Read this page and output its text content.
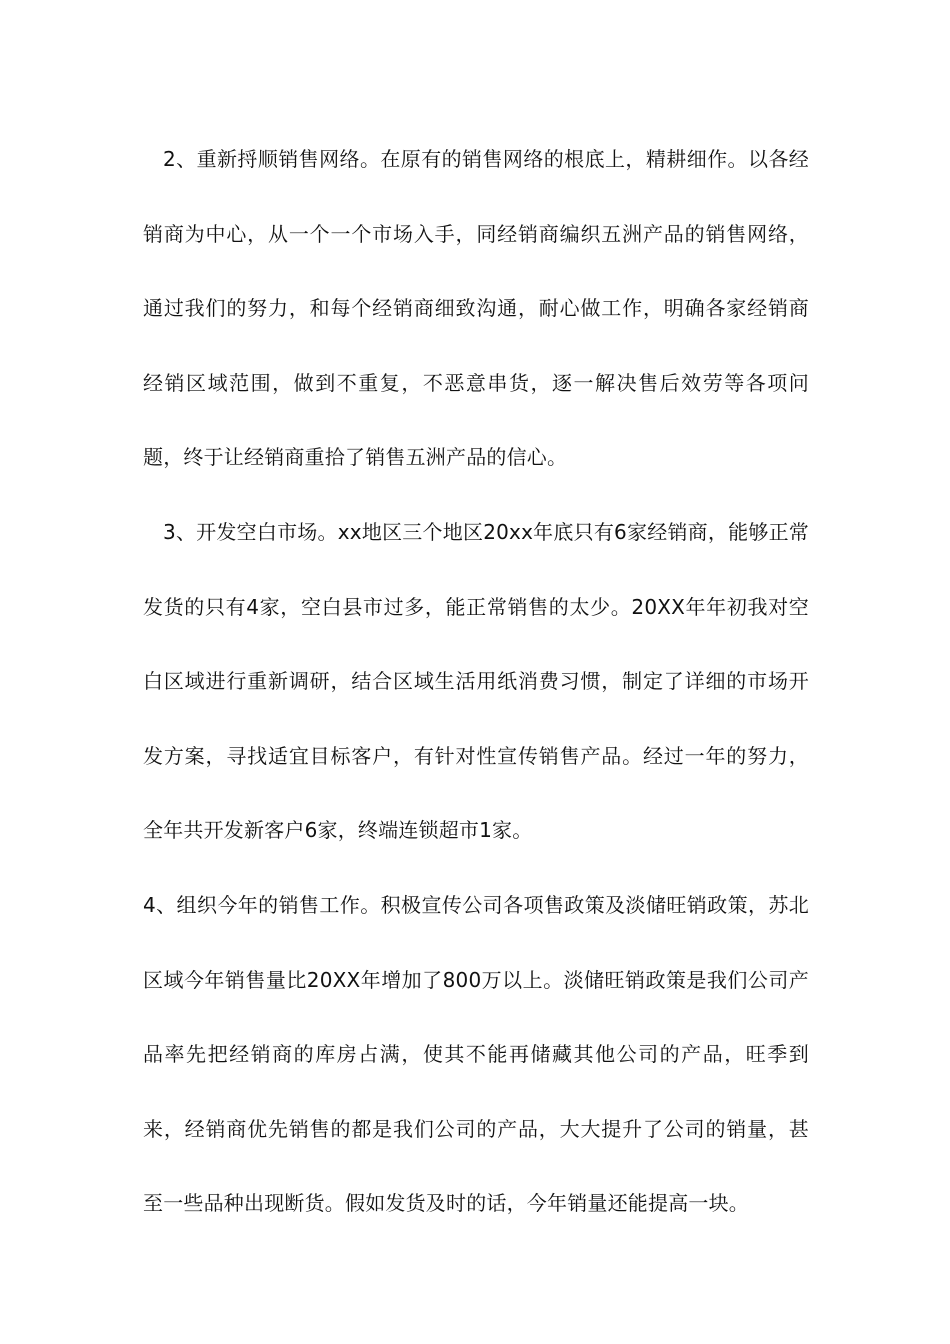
2、重新捋顺销售网络。在原有的销售网络的根底上，精耕细作。以各经销商为中心，从一个一个市场入手，同经销商编织五洲产品的销售网络，通过我们的努力，和每个经销商细致沟通，耐心做工作，明确各家经销商经销区域范围，做到不重复，不恶意串货，逐一解决售后效劳等各项问题，终于让经销商重拾了销售五洲产品的信心。

3、开发空白市场。xx地区三个地区20xx年底只有6家经销商，能够正常发货的只有4家，空白县市过多，能正常销售的太少。20XX年年初我对空白区域进行重新调研，结合区域生活用纸消费习惯，制定了详细的市场开发方案，寻找适宜目标客户，有针对性宣传销售产品。经过一年的努力，全年共开发新客户6家，终端连锁超市1家。

4、组织今年的销售工作。积极宣传公司各项售政策及淡储旺销政策，苏北区域今年销售量比20XX年增加了800万以上。淡储旺销政策是我们公司产品率先把经销商的库房占满，使其不能再储藏其他公司的产品，旺季到来，经销商优先销售的都是我们公司的产品，大大提升了公司的销量，甚至一些品种出现断货。假如发货及时的话，今年销量还能提高一块。
